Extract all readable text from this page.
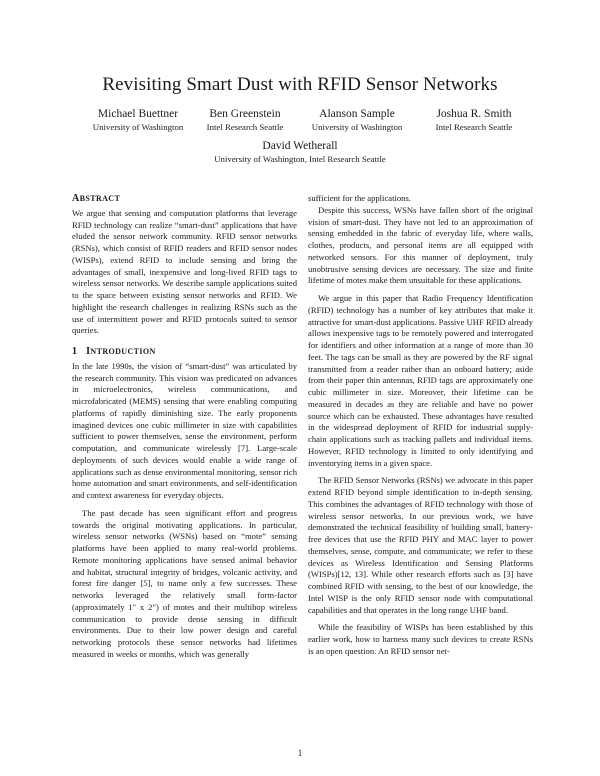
Revisiting Smart Dust with RFID Sensor Networks
Michael Buettner
University of Washington
Ben Greenstein
Intel Research Seattle
Alanson Sample
University of Washington
Joshua R. Smith
Intel Research Seattle
David Wetherall
University of Washington, Intel Research Seattle
ABSTRACT

We argue that sensing and computation platforms that leverage RFID technology can realize “smart-dust” applications that have eluded the sensor network community. RFID sensor networks (RSNs), which consist of RFID readers and RFID sensor nodes (WISPs), extend RFID to include sensing and bring the advantages of small, inexpensive and long-lived RFID tags to wireless sensor networks. We describe sample applications suited to the space between existing sensor networks and RFID. We highlight the research challenges in realizing RSNs such as the use of intermittent power and RFID protocols suited to sensor queries.

1 INTRODUCTION

In the late 1990s, the vision of “smart-dust” was articulated by the research community. This vision was predicated on advances in microelectronics, wireless communications, and microfabricated (MEMS) sensing that were enabling computing platforms of rapidly diminishing size. The early proponents imagined devices one cubic millimeter in size with capabilities sufficient to power themselves, sense the environment, perform computation, and communicate wirelessly [7]. Large-scale deployments of such devices would enable a wide range of applications such as dense environmental monitoring, sensor rich home automation and smart environments, and self-identification and context awareness for everyday objects.

The past decade has seen significant effort and progress towards the original motivating applications. In particular, wireless sensor networks (WSNs) based on “mote” sensing platforms have been applied to many real-world problems. Remote monitoring applications have sensed animal behavior and habitat, structural integrity of bridges, volcanic activity, and forest fire danger [5], to name only a few successes. These networks leveraged the relatively small form-factor (approximately 1″ x 2″) of motes and their multihop wireless communication to provide dense sensing in difficult environments. Due to their low power design and careful networking protocols these sensor networks had lifetimes measured in weeks or months, which was generally

sufficient for the applications.

Despite this success, WSNs have fallen short of the original vision of smart-dust. They have not led to an approximation of sensing embedded in the fabric of everyday life, where walls, clothes, products, and personal items are all equipped with networked sensors. For this manner of deployment, truly unobtrusive sensing devices are necessary. The size and finite lifetime of motes make them unsuitable for these applications.

We argue in this paper that Radio Frequency Identification (RFID) technology has a number of key attributes that make it attractive for smart-dust applications. Passive UHF RFID already allows inexpensive tags to be remotely powered and interrogated for identifiers and other information at a range of more than 30 feet. The tags can be small as they are powered by the RF signal transmitted from a reader rather than an onboard battery; aside from their paper thin antennas, RFID tags are approximately one cubic millimeter in size. Moreover, their lifetime can be measured in decades as they are reliable and have no power source which can be exhausted. These advantages have resulted in the widespread deployment of RFID for industrial supply-chain applications such as tracking pallets and individual items. However, RFID technology is limited to only identifying and inventorying items in a given space.

The RFID Sensor Networks (RSNs) we advocate in this paper extend RFID beyond simple identification to in-depth sensing. This combines the advantages of RFID technology with those of wireless sensor networks. In our previous work, we have demonstrated the technical feasibility of building small, battery-free devices that use the RFID PHY and MAC layer to power themselves, sense, compute, and communicate; we refer to these devices as Wireless Identification and Sensing Platforms (WISPs)[12, 13]. While other research efforts such as [3] have combined RFID with sensing, to the best of our knowledge, the Intel WISP is the only RFID sensor node with computational capabilities and that operates in the long range UHF band.

While the feasibility of WISPs has been established by this earlier work, how to harness many such devices to create RSNs is an open question. An RFID sensor net-

1
